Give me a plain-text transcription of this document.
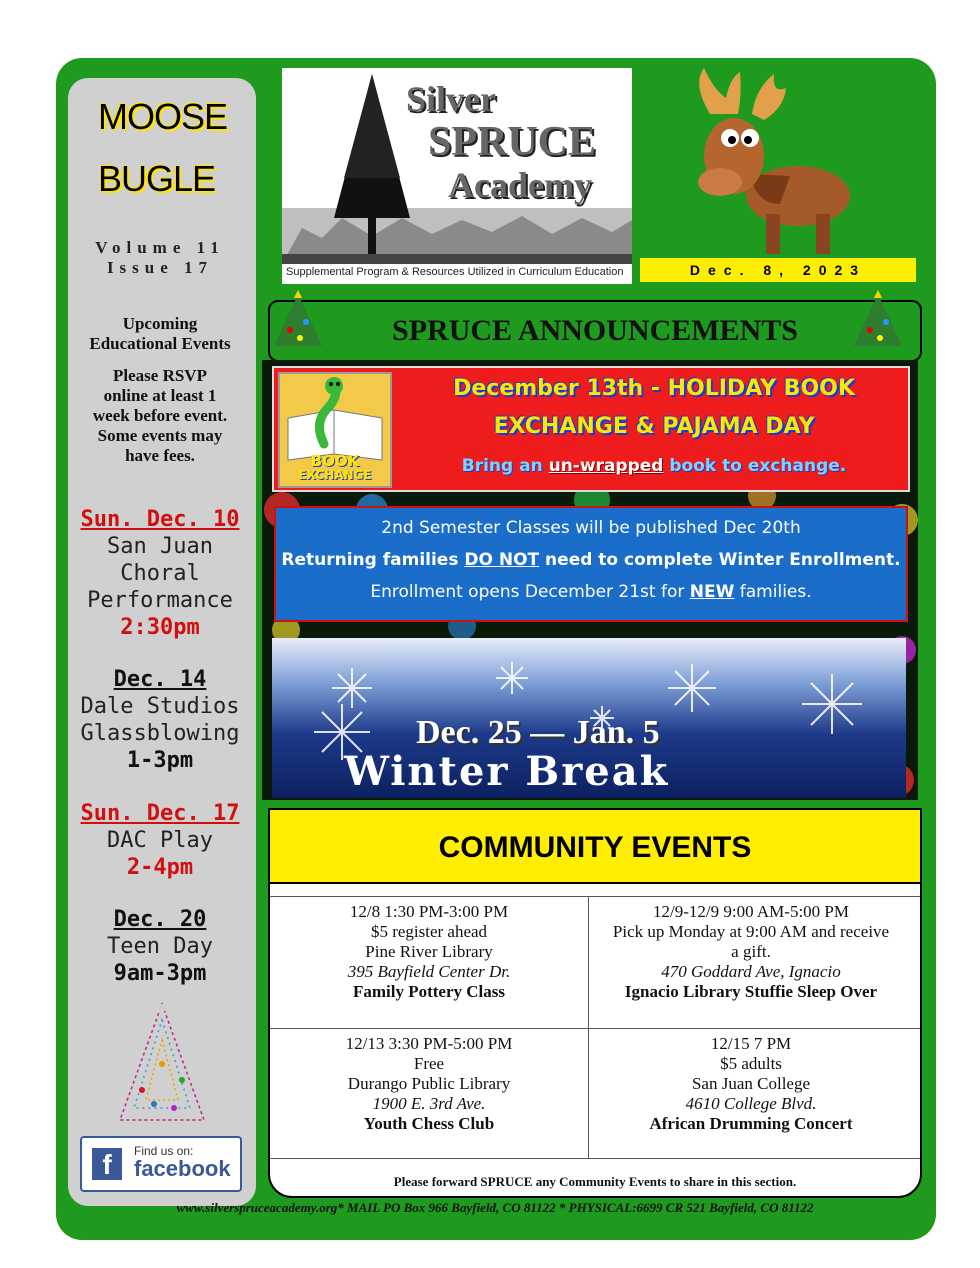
MOOSE
BUGLE
Volume 11
Issue 17
Upcoming
Educational Events
Please RSVP
online at least 1
week before event.
Some events may
have fees.
Sun. Dec. 10
San Juan
Choral
Performance
2:30pm
Dec. 14
Dale Studios
Glassblowing
1-3pm
Sun. Dec. 17
DAC Play
2-4pm
Dec. 20
Teen Day
9am-3pm
f	Find us on:
facebook
Silver
SPRUCE
Academy
Supplemental Program & Resources Utilized in Curriculum Education	Dec. 8, 2023
SPRUCE ANNOUNCEMENTS
BOOK
EXCHANGE
December 13th - HOLIDAY BOOK
EXCHANGE & PAJAMA DAY
Bring an un-wrapped book to exchange.
2nd Semester Classes will be published Dec 20th
Returning families DO NOT need to complete Winter Enrollment.
Enrollment opens December 21st for NEW families.
Dec. 25 — Jan. 5
Winter Break
COMMUNITY EVENTS
12/8 1:30 PM-3:00 PM
$5 register ahead
Pine River Library
395 Bayfield Center Dr.
Family Pottery Class
12/9-12/9 9:00 AM-5:00 PM
Pick up Monday at 9:00 AM and receive
a gift.
470 Goddard Ave, Ignacio
Ignacio Library Stuffie Sleep Over
12/13 3:30 PM-5:00 PM
Free
Durango Public Library
1900 E. 3rd Ave.
Youth Chess Club
12/15 7 PM
$5 adults
San Juan College
4610 College Blvd.
African Drumming Concert
Please forward SPRUCE any Community Events to share in this section.
www.silverspruceacademy.org* MAIL PO Box 966 Bayfield, CO 81122 * PHYSICAL:6699 CR 521 Bayfield, CO 81122
